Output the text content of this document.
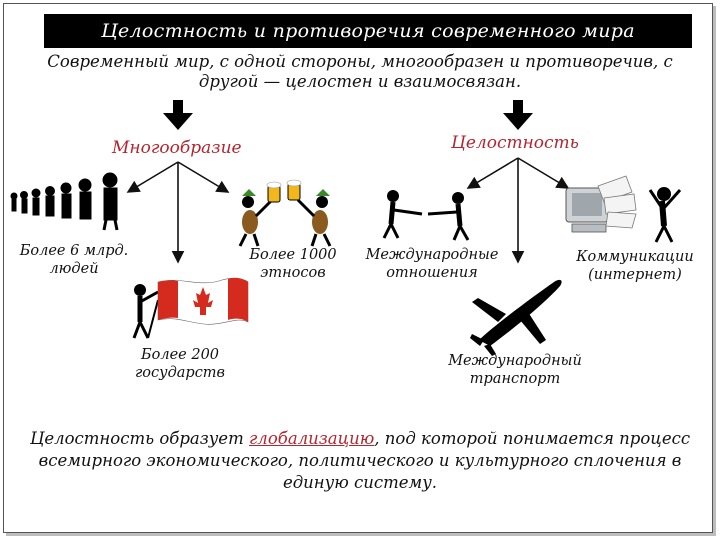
Целостность и противоречия современного мира
Современный мир, с одной стороны, многообразен и противоречив, с другой — целостен и взаимосвязан.
Многообразие	Целостность
Более 6 млрд. людей
Более 1000 этносов
Более 200 государств
Международные отношения
Коммуникации (интернет)
Международный транспорт
Целостность образует глобализацию, под которой понимается процесс всемирного экономического, политического и культурного сплочения в единую систему.
